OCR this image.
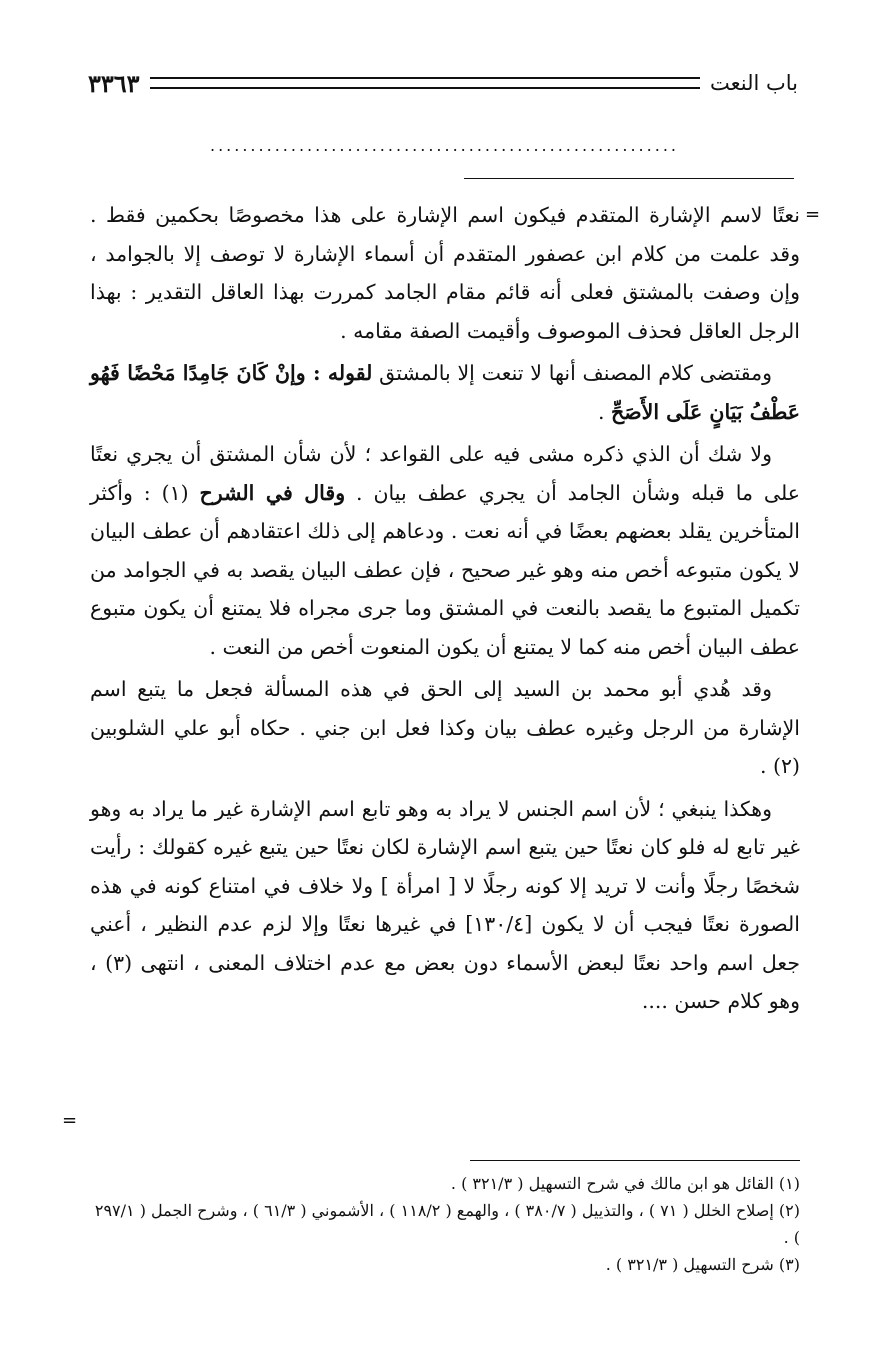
باب النعت
٣٣٦٣
..........................................................
=

نعتًا لاسم الإشارة المتقدم فيكون اسم الإشارة على هذا مخصوصًا بحكمين فقط . وقد علمت من كلام ابن عصفور المتقدم أن أسماء الإشارة لا توصف إلا بالجوامد ، وإن وصفت بالمشتق فعلى أنه قائم مقام الجامد كمررت بهذا العاقل التقدير : بهذا الرجل العاقل فحذف الموصوف وأقيمت الصفة مقامه .

ومقتضى كلام المصنف أنها لا تنعت إلا بالمشتق لقوله : وإنْ كَانَ جَامِدًا مَحْضًا فَهُو عَطْفُ بَيَانٍ عَلَى الأَصَحِّ .

ولا شك أن الذي ذكره مشى فيه على القواعد ؛ لأن شأن المشتق أن يجري نعتًا على ما قبله وشأن الجامد أن يجري عطف بيان . وقال في الشرح (١) : وأكثر المتأخرين يقلد بعضهم بعضًا في أنه نعت . ودعاهم إلى ذلك اعتقادهم أن عطف البيان لا يكون متبوعه أخص منه وهو غير صحيح ، فإن عطف البيان يقصد به في الجوامد من تكميل المتبوع ما يقصد بالنعت في المشتق وما جرى مجراه فلا يمتنع أن يكون متبوع عطف البيان أخص منه كما لا يمتنع أن يكون المنعوت أخص من النعت .

وقد هُدي أبو محمد بن السيد إلى الحق في هذه المسألة فجعل ما يتبع اسم الإشارة من الرجل وغيره عطف بيان وكذا فعل ابن جني . حكاه أبو علي الشلوبين (٢) .

وهكذا ينبغي ؛ لأن اسم الجنس لا يراد به وهو تابع اسم الإشارة غير ما يراد به وهو غير تابع له فلو كان نعتًا حين يتبع اسم الإشارة لكان نعتًا حين يتبع غيره كقولك : رأيت شخصًا رجلًا وأنت لا تريد إلا كونه رجلًا لا [ امرأة ] ولا خلاف في امتناع كونه في هذه الصورة نعتًا فيجب أن لا يكون [١٣٠/٤] في غيرها نعتًا وإلا لزم عدم النظير ، أعني جعل اسم واحد نعتًا لبعض الأسماء دون بعض مع عدم اختلاف المعنى ، انتهى (٣) ، وهو كلام حسن ....

=
(١) القائل هو ابن مالك في شرح التسهيل ( ٣٢١/٣ ) .
(٢) إصلاح الخلل ( ٧١ ) ، والتذييل ( ٣٨٠/٧ ) ، والهمع ( ١١٨/٢ ) ، الأشموني ( ٦١/٣ ) ، وشرح الجمل ( ٢٩٧/١ ) .
(٣) شرح التسهيل ( ٣٢١/٣ ) .
